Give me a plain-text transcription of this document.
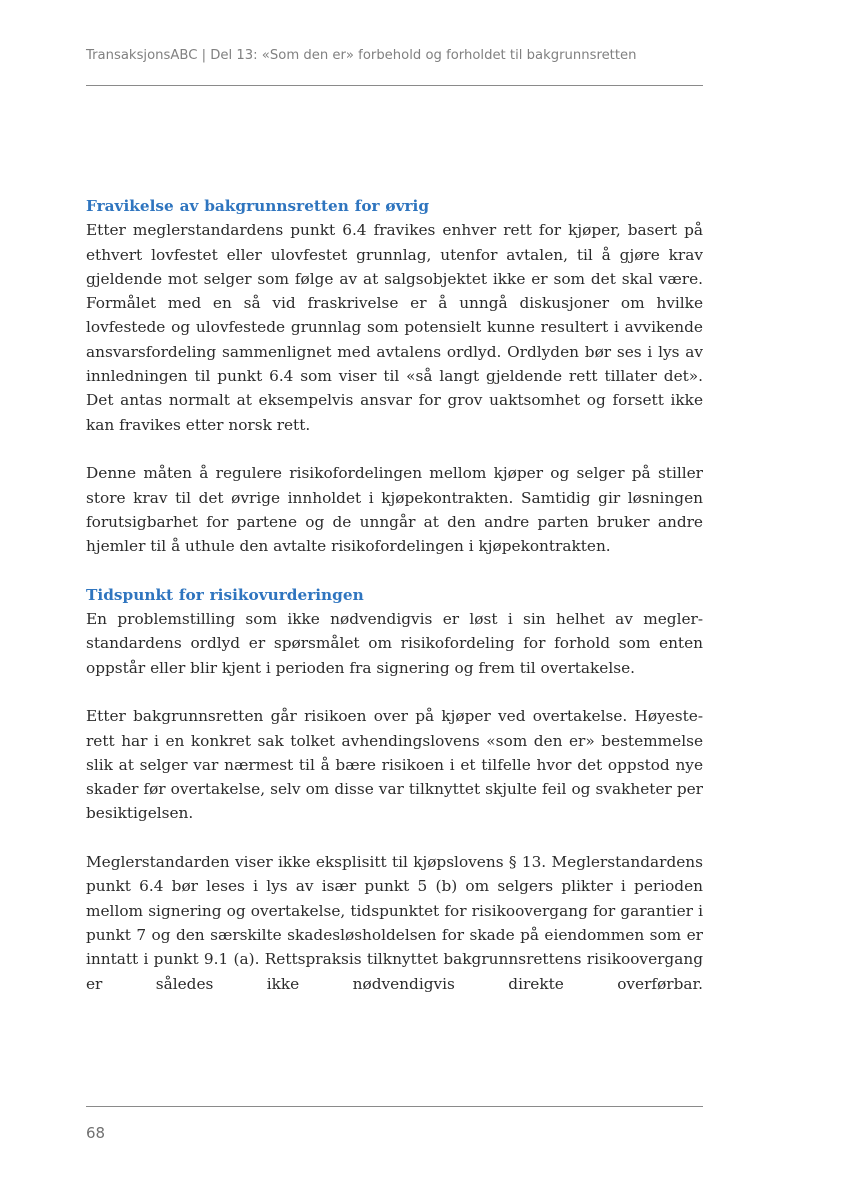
TransaksjonsABC | Del 13: «Som den er» forbehold og forholdet til bakgrunnsretten
Fravikelse av bakgrunnsretten for øvrig

Etter meglerstandardens punkt 6.4 fravikes enhver rett for kjøper, basert på ethvert lovfestet eller ulovfestet grunnlag, utenfor avtalen, til å gjøre krav gjeldende mot selger som følge av at salgsobjektet ikke er som det skal være. Formålet med en så vid fraskrivelse er å unngå diskusjoner om hvilke lovfestede og ulovfestede grunnlag som potensielt kunne resultert i avvikende ansvarsfordeling sammenlignet med avtalens ordlyd. Ordlyden bør ses i lys av innledningen til punkt 6.4 som viser til «så langt gjeldende rett tillater det». Det antas normalt at eksempelvis ansvar for grov uaktsomhet og forsett ikke kan fravikes etter norsk rett.

Denne måten å regulere risikofordelingen mellom kjøper og selger på stiller store krav til det øvrige innholdet i kjøpekontrakten. Samtidig gir løsningen forutsigbarhet for partene og de unngår at den andre parten bruker andre hjemler til å uthule den avtalte risikofordelingen i kjøpekontrakten.

Tidspunkt for risikovurderingen

En problemstilling som ikke nødvendigvis er løst i sin helhet av meglerstandardens ordlyd er spørsmålet om risikofordeling for forhold som enten oppstår eller blir kjent i perioden fra signering og frem til overtakelse.

Etter bakgrunnsretten går risikoen over på kjøper ved overtakelse. Høyesterett har i en konkret sak tolket avhendingslovens «som den er» bestemmelse slik at selger var nærmest til å bære risikoen i et tilfelle hvor det oppstod nye skader før overtakelse, selv om disse var tilknyttet skjulte feil og svakheter per besiktigelsen.

Meglerstandarden viser ikke eksplisitt til kjøpslovens § 13. Meglerstandardens punkt 6.4 bør leses i lys av især punkt 5 (b) om selgers plikter i perioden mellom signering og overtakelse, tidspunktet for risikoovergang for garantier i punkt 7 og den særskilte skadesløsholdelsen for skade på eiendommen som er inntatt i punkt 9.1 (a). Rettspraksis tilknyttet bakgrunnsrettens risikoovergang er således ikke nødvendigvis direkte overførbar.

68
